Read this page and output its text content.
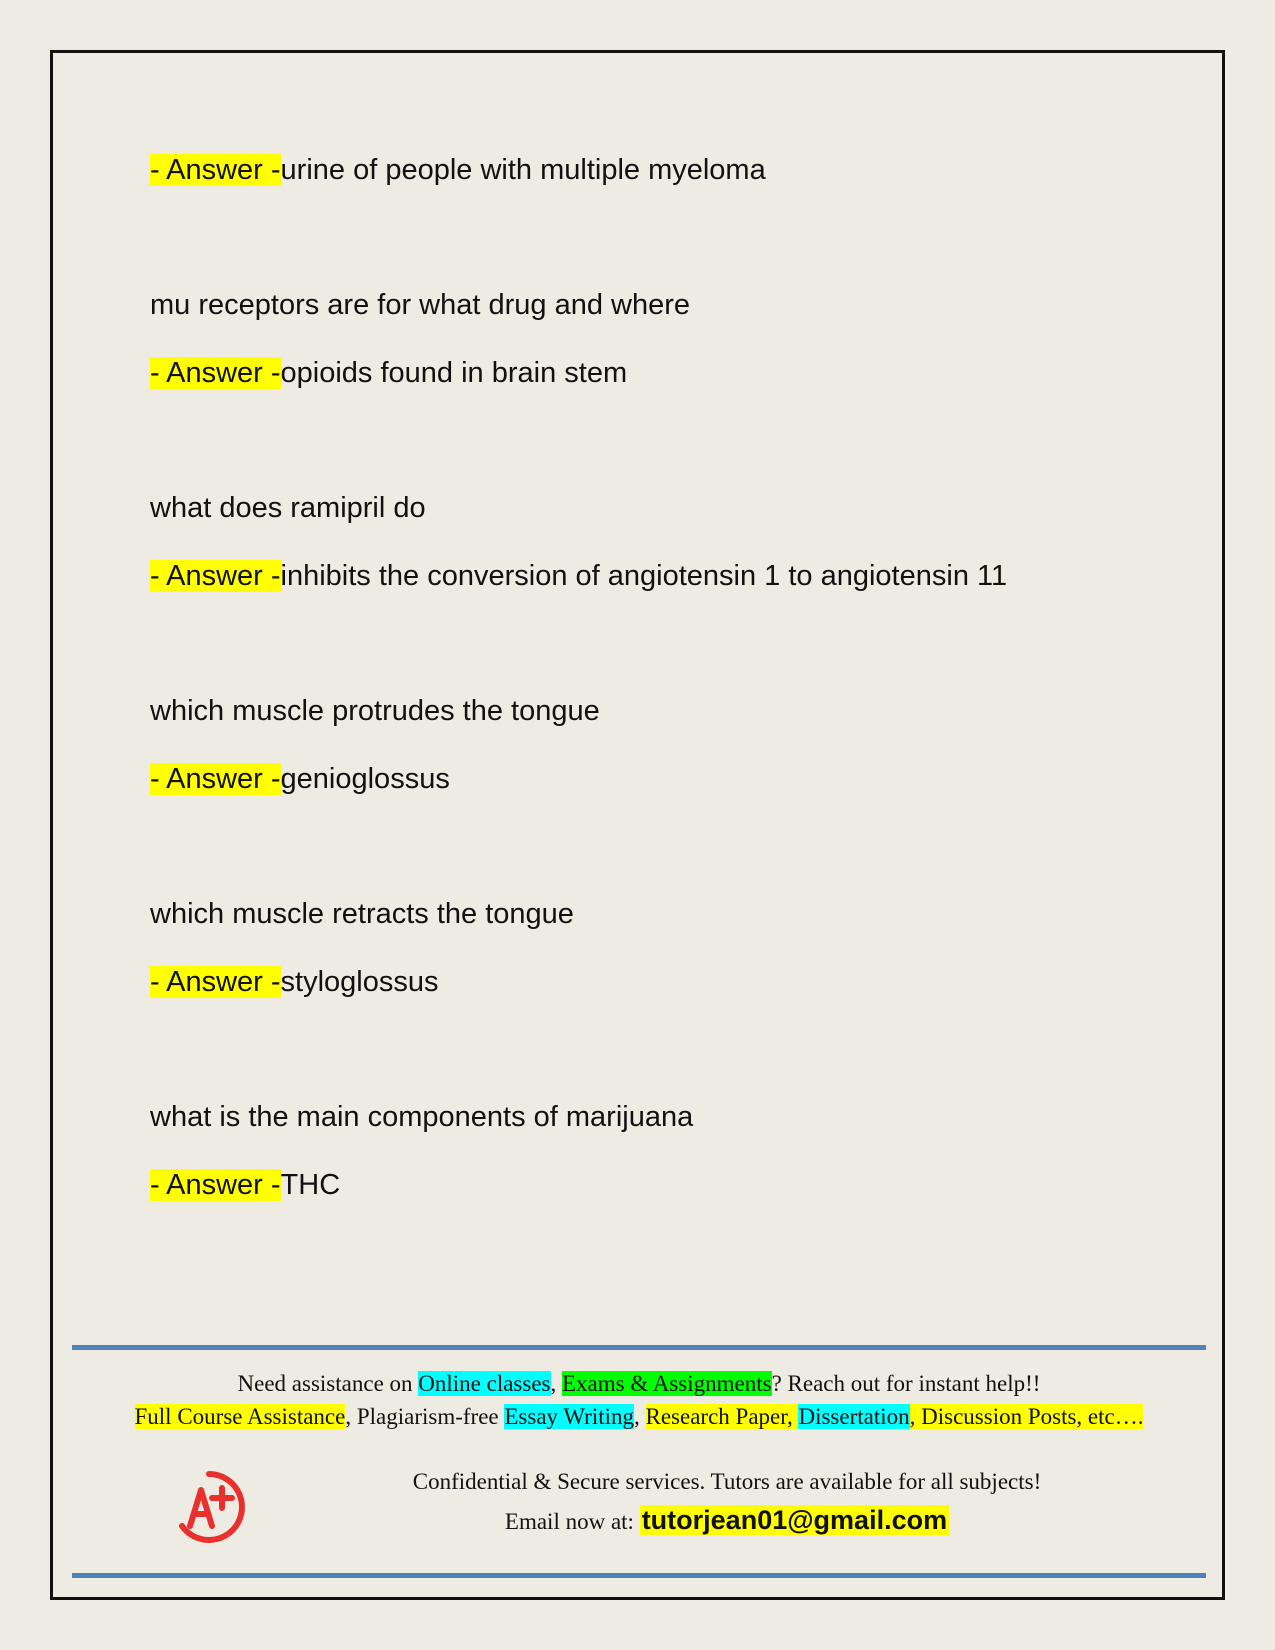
- Answer -urine of people with multiple myeloma
mu receptors are for what drug and where
- Answer -opioids found in brain stem
what does ramipril do
- Answer -inhibits the conversion of angiotensin 1 to angiotensin 11
which muscle protrudes the tongue
- Answer -genioglossus
which muscle retracts the tongue
- Answer -styloglossus
what is the main components of marijuana
- Answer -THC
Need assistance on Online classes, Exams & Assignments? Reach out for instant help!!
Full Course Assistance, Plagiarism-free Essay Writing, Research Paper, Dissertation, Discussion Posts, etc….
Confidential & Secure services. Tutors are available for all subjects!
Email now at: tutorjean01@gmail.com
